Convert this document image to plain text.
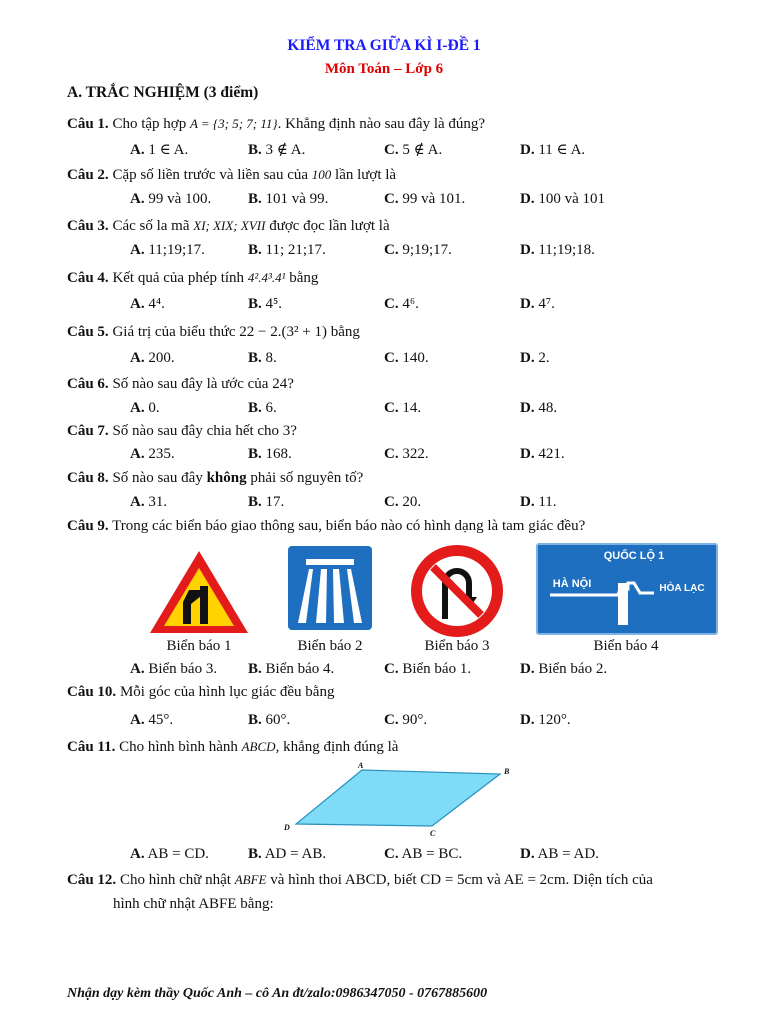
KIỂM TRA GIỮA KÌ I-ĐỀ 1
Môn Toán – Lớp 6
A. TRẮC NGHIỆM (3 điểm)
Câu 1. Cho tập hợp A = {3; 5; 7; 11}. Khẳng định nào sau đây là đúng?
Câu 2. Cặp số liền trước và liền sau của 100 lần lượt là
Câu 3. Các số la mã XI; XIX; XVII được đọc lần lượt là
Câu 4. Kết quả của phép tính 4².4³.4¹ bằng
Câu 5. Giá trị của biểu thức 22 − 2.(3² + 1) bằng
Câu 6. Số nào sau đây là ước của 24?
Câu 7. Số nào sau đây chia hết cho 3?
Câu 8. Số nào sau đây không phải số nguyên tố?
Câu 9. Trong các biển báo giao thông sau, biển báo nào có hình dạng là tam giác đều?
Câu 10. Mỗi góc của hình lục giác đều bằng
Câu 11. Cho hình bình hành ABCD, khẳng định đúng là
Câu 12. Cho hình chữ nhật ABFE và hình thoi ABCD, biết CD = 5cm và AE = 2cm. Diện tích của
hình chữ nhật ABFE bằng:
A. 1 ∈ A.	B. 3 ∉ A.	C. 5 ∉ A.	D. 11 ∈ A.
A. 99 và 100. B. 101 và 99.	C. 99 và 101.	D. 100 và 101
A. 11;19;17.	B. 11; 21;17.	C. 9;19;17.	D. 11;19;18.
A. 4⁴.	B. 4⁵.	C. 4⁶.	D. 4⁷.
A. 200.	B. 8.	C. 140.	D. 2.
A. 0.	B. 6.	C. 14.	D. 48.
A. 235.	B. 168.	C. 322.	D. 421.
A. 31.	B. 17.	C. 20.	D. 11.
QUỐC LỘ 1
HÀ NỘI	HÒA LẠC
Biển báo 1	Biển báo 2	Biển báo 3	Biển báo 4
A. Biển báo 3. B. Biển báo 4.	C. Biển báo 1.	D. Biển báo 2.
A. 45°.	B. 60°.	C. 90°.	D. 120°.
A
B
C
D
A. AB = CD.	B. AD = AB.	C. AB = BC.	D. AB = AD.
Nhận dạy kèm thầy Quốc Anh – cô An đt/zalo:0986347050 - 0767885600
